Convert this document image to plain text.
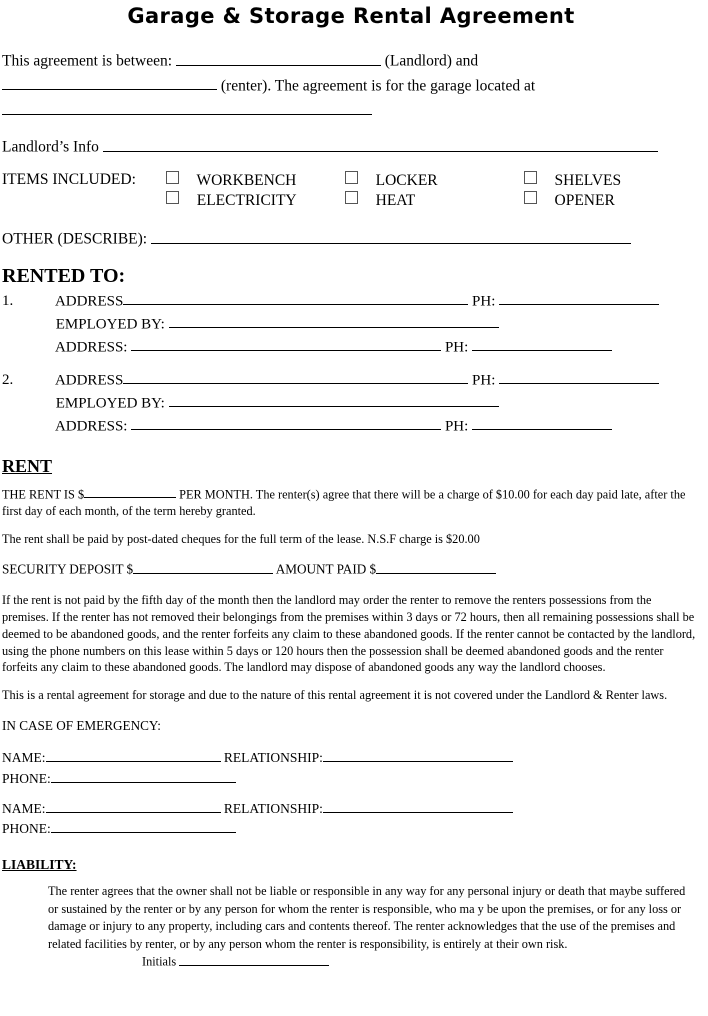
Garage & Storage Rental Agreement
This agreement is between:	(Landlord) and
(renter). The agreement is for the garage located at
Landlord’s Info
ITEMS INCLUDED:	WORKBENCH	LOCKER	SHELVES
ELECTRICITY	HEAT	OPENER
OTHER (DESCRIBE):
RENTED TO:
1.	ADDRESS	PH:
EMPLOYED BY:
ADDRESS:	PH:
2.	ADDRESS	PH:
EMPLOYED BY:
ADDRESS:	PH:
RENT
THE RENT IS $	PER MONTH. The renter(s) agree that there will be a charge of $10.00 for each day paid late, after the first day of each month, of the term hereby granted.
The rent shall be paid by post-dated cheques for the full term of the lease. N.S.F charge is $20.00
SECURITY DEPOSIT $	AMOUNT PAID $
If the rent is not paid by the fifth day of the month then the landlord may order the renter to remove the renters possessions from the premises. If the renter has not removed their belongings from the premises within 3 days or 72 hours, then all remaining possessions shall be deemed to be abandoned goods, and the renter forfeits any claim to these abandoned goods. If the renter cannot be contacted by the landlord, using the phone numbers on this lease within 5 days or 120 hours then the possession shall be deemed abandoned goods and the renter forfeits any claim to these abandoned goods. The landlord may dispose of abandoned goods any way the landlord chooses.
This is a rental agreement for storage and due to the nature of this rental agreement it is not covered under the Landlord & Renter laws.
IN CASE OF EMERGENCY:
NAME:	RELATIONSHIP:
PHONE:
NAME:	RELATIONSHIP:
PHONE:
LIABILITY:
The renter agrees that the owner shall not be liable or responsible in any way for any personal injury or death that maybe suffered or sustained by the renter or by any person for whom the renter is responsible, who ma y be upon the premises, or for any loss or damage or injury to any property, including cars and contents thereof. The renter acknowledges that the use of the premises and related facilities by renter, or by any person whom the renter is responsibility, is entirely at their own risk.
Initials
